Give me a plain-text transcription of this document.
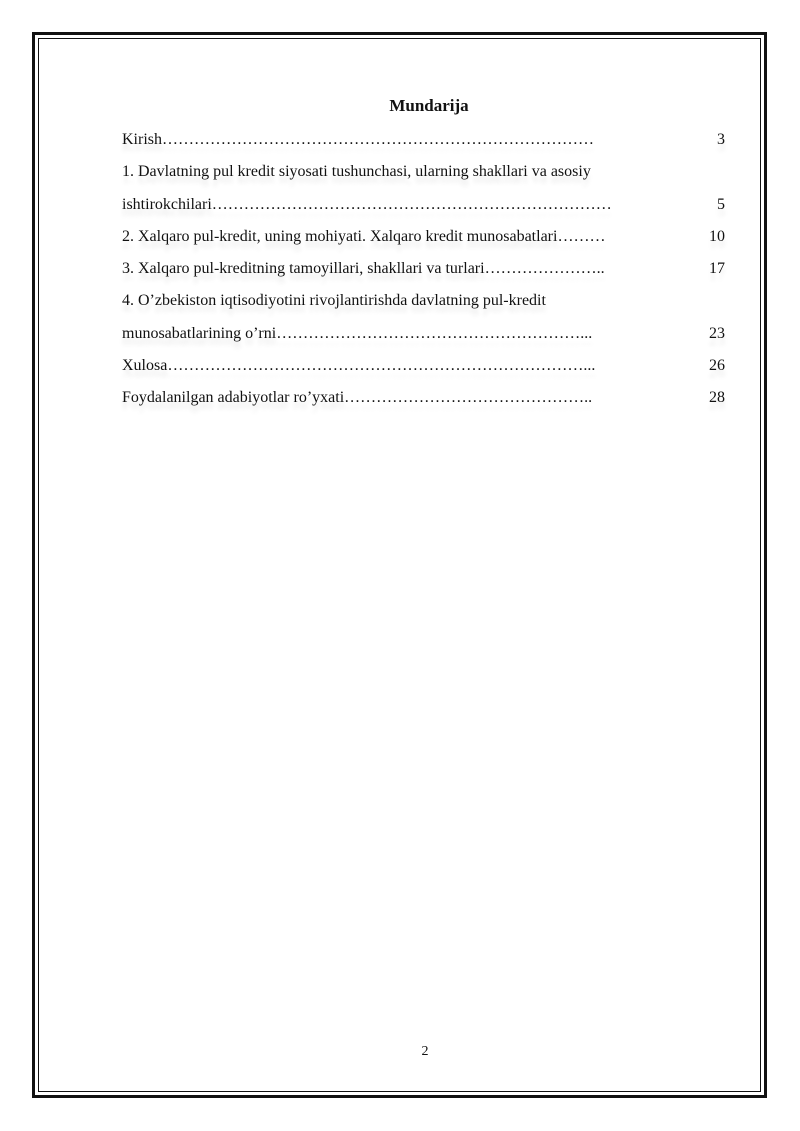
Mundarija
Kirish………………………………………………………………………	3
1. Davlatning pul kredit siyosati tushunchasi, ularning shakllari va asosiy
ishtirokchilari…………………………………………………………………	5
2. Xalqaro pul-kredit, uning mohiyati. Xalqaro kredit munosabatlari………	10
3. Xalqaro pul-kreditning tamoyillari, shakllari va turlari…………………..	17
4. O’zbekiston iqtisodiyotini rivojlantirishda davlatning pul-kredit
munosabatlarining o’rni…………………………………………………...	23
Xulosa……………………………………………………………………...	26
Foydalanilgan adabiyotlar ro’yxati………………………………………..	28
2
